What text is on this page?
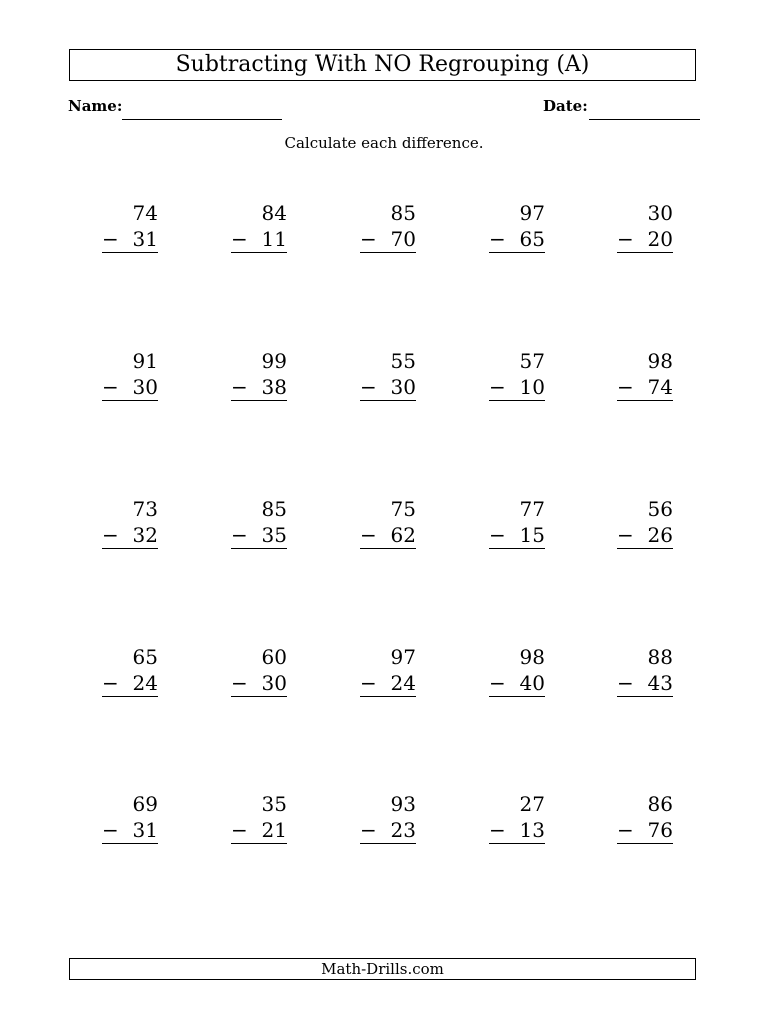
Subtracting With NO Regrouping (A)
Name:	Date:
Calculate each difference.
74
− 31
84
− 11
85
− 70
97
− 65
30
− 20
91
− 30
99
− 38
55
− 30
57
− 10
98
− 74
73
− 32
85
− 35
75
− 62
77
− 15
56
− 26
65
− 24
60
− 30
97
− 24
98
− 40
88
− 43
69
− 31
35
− 21
93
− 23
27
− 13
86
− 76
Math-Drills.com
